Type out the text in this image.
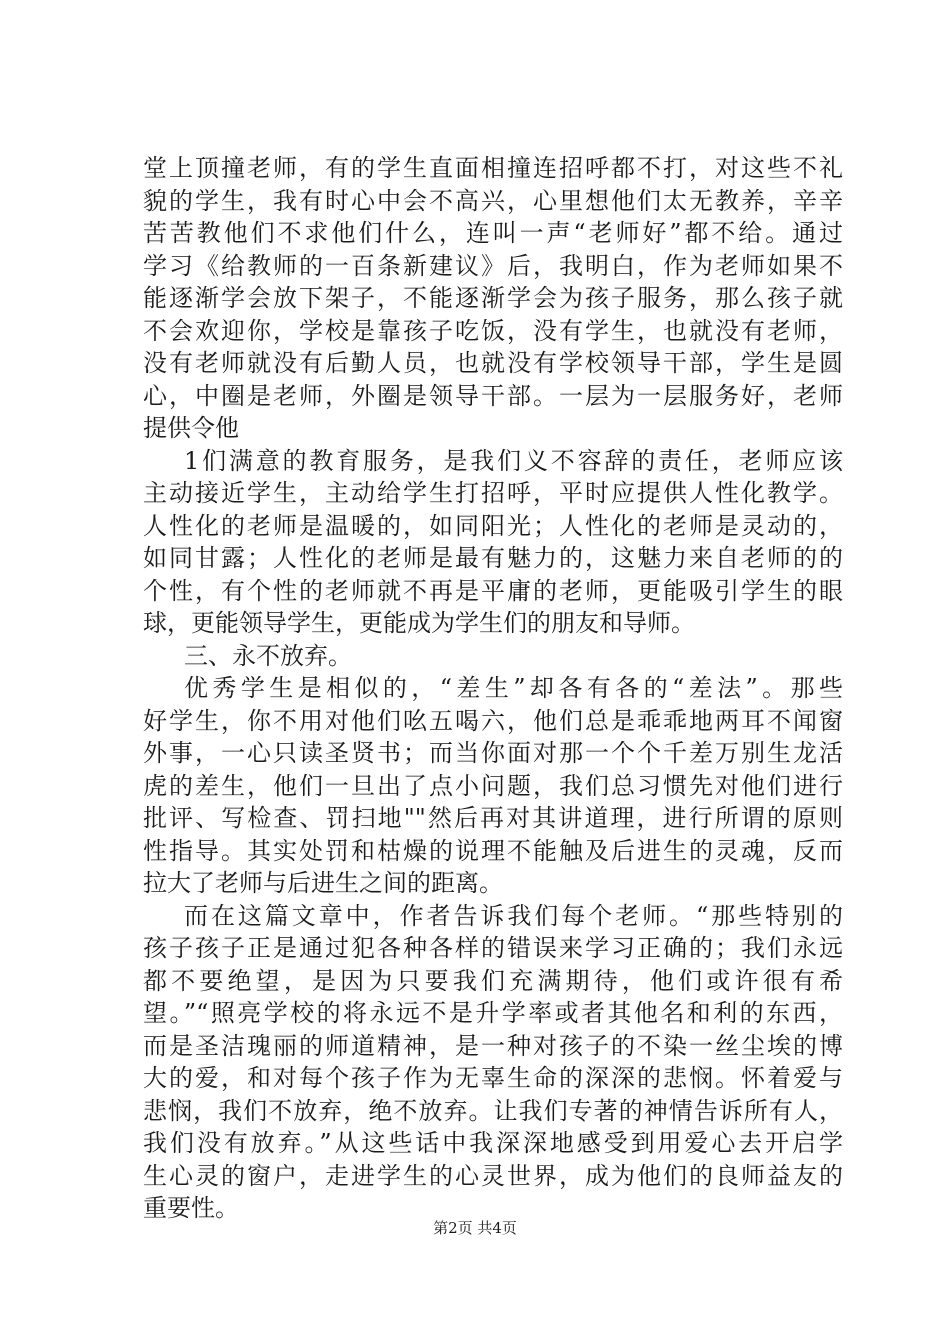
堂上顶撞老师，有的学生直面相撞连招呼都不打，对这些不礼
貌的学生，我有时心中会不高兴，心里想他们太无教养，辛辛
苦苦教他们不求他们什么，连叫一声“老师好”都不给。通过
学习《给教师的一百条新建议》后，我明白，作为老师如果不
能逐渐学会放下架子，不能逐渐学会为孩子服务，那么孩子就
不会欢迎你，学校是靠孩子吃饭，没有学生，也就没有老师，
没有老师就没有后勤人员，也就没有学校领导干部，学生是圆
心，中圈是老师，外圈是领导干部。一层为一层服务好，老师
提供令他
1们满意的教育服务，是我们义不容辞的责任，老师应该
主动接近学生，主动给学生打招呼，平时应提供人性化教学。
人性化的老师是温暖的，如同阳光；人性化的老师是灵动的，
如同甘露；人性化的老师是最有魅力的，这魅力来自老师的的
个性，有个性的老师就不再是平庸的老师，更能吸引学生的眼
球，更能领导学生，更能成为学生们的朋友和导师。
三、永不放弃。
优秀学生是相似的，“差生”却各有各的“差法”。那些
好学生，你不用对他们吆五喝六，他们总是乖乖地两耳不闻窗
外事，一心只读圣贤书；而当你面对那一个个千差万别生龙活
虎的差生，他们一旦出了点小问题，我们总习惯先对他们进行
批评、写检查、罚扫地""然后再对其讲道理，进行所谓的原则
性指导。其实处罚和枯燥的说理不能触及后进生的灵魂，反而
拉大了老师与后进生之间的距离。
而在这篇文章中，作者告诉我们每个老师。“那些特别的
孩子孩子正是通过犯各种各样的错误来学习正确的；我们永远
都不要绝望，是因为只要我们充满期待，他们或许很有希
望。”“照亮学校的将永远不是升学率或者其他名和利的东西，
而是圣洁瑰丽的师道精神，是一种对孩子的不染一丝尘埃的博
大的爱，和对每个孩子作为无辜生命的深深的悲悯。怀着爱与
悲悯，我们不放弃，绝不放弃。让我们专著的神情告诉所有人，
我们没有放弃。”从这些话中我深深地感受到用爱心去开启学
生心灵的窗户，走进学生的心灵世界，成为他们的良师益友的
重要性。
第2页 共4页
